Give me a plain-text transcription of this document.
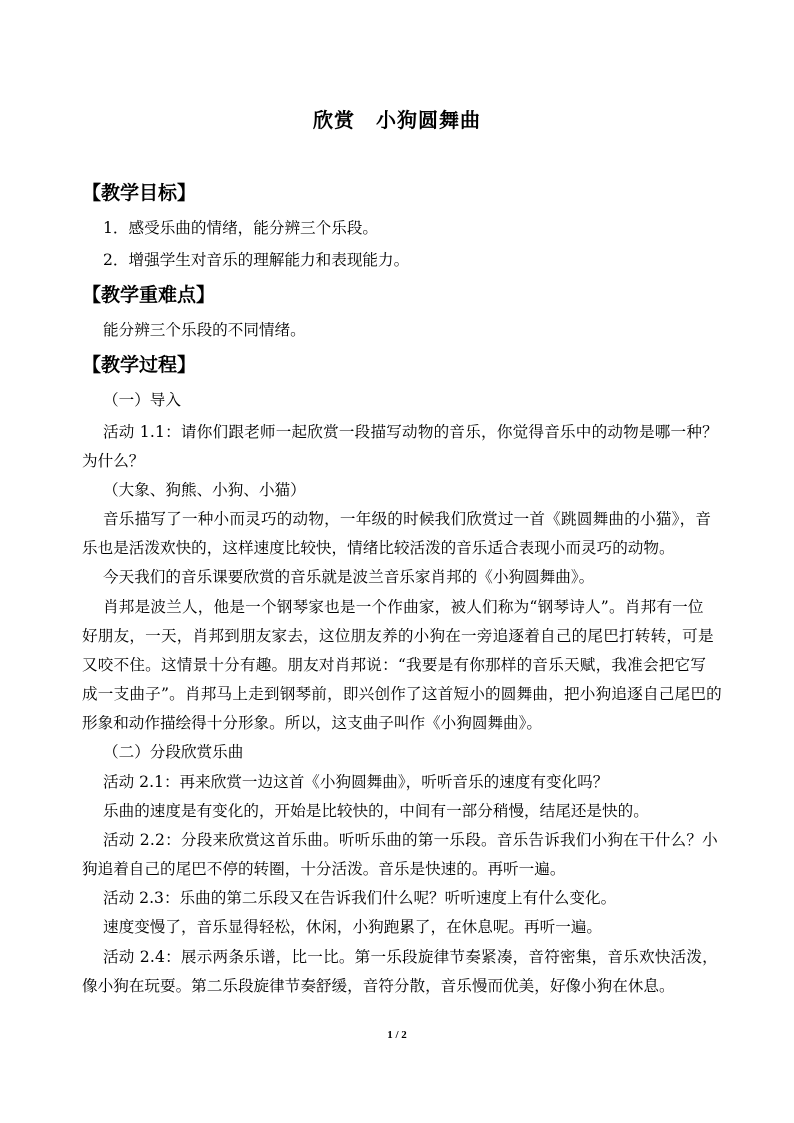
欣赏　小狗圆舞曲
【教学目标】
1．感受乐曲的情绪，能分辨三个乐段。
2．增强学生对音乐的理解能力和表现能力。
【教学重难点】
能分辨三个乐段的不同情绪。
【教学过程】
（一）导入
活动 1.1：请你们跟老师一起欣赏一段描写动物的音乐，你觉得音乐中的动物是哪一种？
为什么？
（大象、狗熊、小狗、小猫）
音乐描写了一种小而灵巧的动物，一年级的时候我们欣赏过一首《跳圆舞曲的小猫》，音
乐也是活泼欢快的，这样速度比较快，情绪比较活泼的音乐适合表现小而灵巧的动物。
今天我们的音乐课要欣赏的音乐就是波兰音乐家肖邦的《小狗圆舞曲》。
肖邦是波兰人，他是一个钢琴家也是一个作曲家，被人们称为“钢琴诗人”。肖邦有一位
好朋友，一天，肖邦到朋友家去，这位朋友养的小狗在一旁追逐着自己的尾巴打转转，可是
又咬不住。这情景十分有趣。朋友对肖邦说：“我要是有你那样的音乐天赋，我准会把它写
成一支曲子”。肖邦马上走到钢琴前，即兴创作了这首短小的圆舞曲，把小狗追逐自己尾巴的
形象和动作描绘得十分形象。所以，这支曲子叫作《小狗圆舞曲》。
（二）分段欣赏乐曲
活动 2.1：再来欣赏一边这首《小狗圆舞曲》，听听音乐的速度有变化吗？
乐曲的速度是有变化的，开始是比较快的，中间有一部分稍慢，结尾还是快的。
活动 2.2：分段来欣赏这首乐曲。听听乐曲的第一乐段。音乐告诉我们小狗在干什么？小
狗追着自己的尾巴不停的转圈，十分活泼。音乐是快速的。再听一遍。
活动 2.3：乐曲的第二乐段又在告诉我们什么呢？听听速度上有什么变化。
速度变慢了，音乐显得轻松，休闲，小狗跑累了，在休息呢。再听一遍。
活动 2.4：展示两条乐谱，比一比。第一乐段旋律节奏紧凑，音符密集，音乐欢快活泼，
像小狗在玩耍。第二乐段旋律节奏舒缓，音符分散，音乐慢而优美，好像小狗在休息。
1 / 2
